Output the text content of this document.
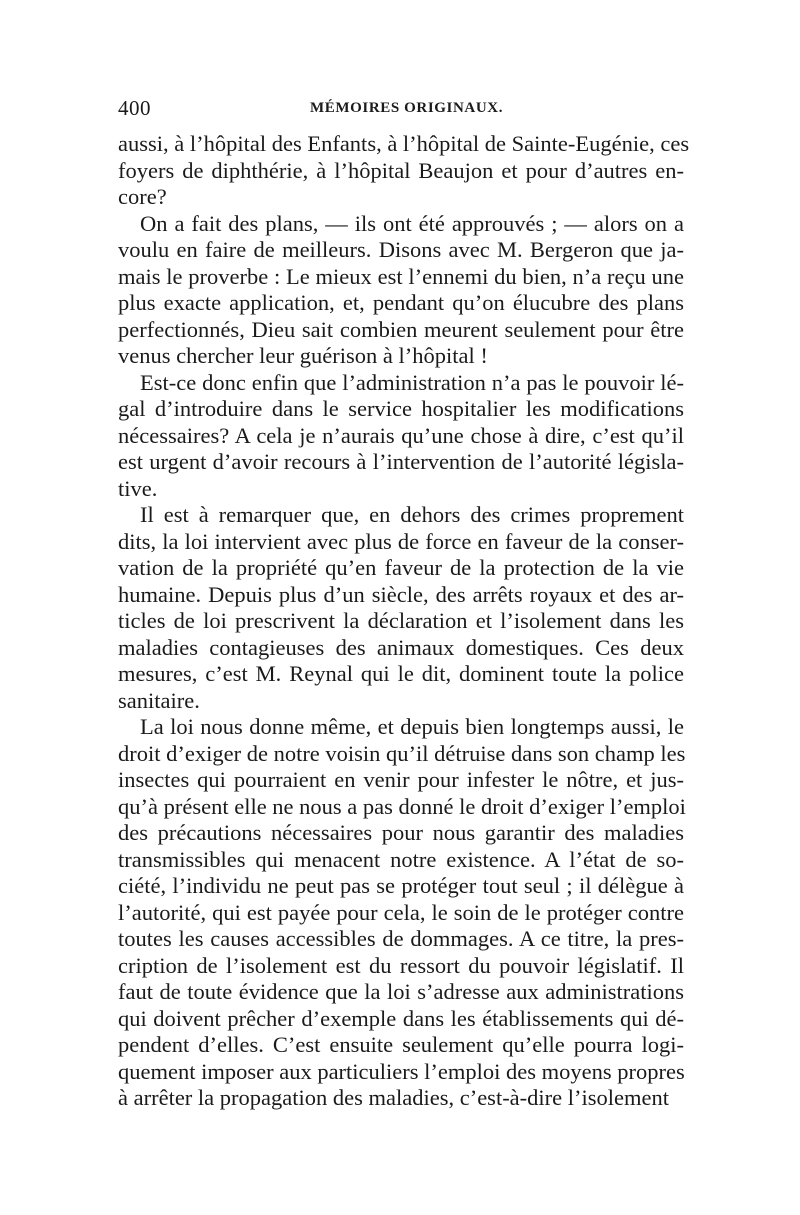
400	MÉMOIRES ORIGINAUX.
aussi, à l’hôpital des Enfants, à l’hôpital de Sainte-Eugénie, ces
foyers de diphthérie, à l’hôpital Beaujon et pour d’autres en-
core?
On a fait des plans, — ils ont été approuvés ; — alors on a
voulu en faire de meilleurs. Disons avec M. Bergeron que ja-
mais le proverbe : Le mieux est l’ennemi du bien, n’a reçu une
plus exacte application, et, pendant qu’on élucubre des plans
perfectionnés, Dieu sait combien meurent seulement pour être
venus chercher leur guérison à l’hôpital !
Est-ce donc enfin que l’administration n’a pas le pouvoir lé-
gal d’introduire dans le service hospitalier les modifications
nécessaires? A cela je n’aurais qu’une chose à dire, c’est qu’il
est urgent d’avoir recours à l’intervention de l’autorité législa-
tive.
Il est à remarquer que, en dehors des crimes proprement
dits, la loi intervient avec plus de force en faveur de la conser-
vation de la propriété qu’en faveur de la protection de la vie
humaine. Depuis plus d’un siècle, des arrêts royaux et des ar-
ticles de loi prescrivent la déclaration et l’isolement dans les
maladies contagieuses des animaux domestiques. Ces deux
mesures, c’est M. Reynal qui le dit, dominent toute la police
sanitaire.
La loi nous donne même, et depuis bien longtemps aussi, le
droit d’exiger de notre voisin qu’il détruise dans son champ les
insectes qui pourraient en venir pour infester le nôtre, et jus-
qu’à présent elle ne nous a pas donné le droit d’exiger l’emploi
des précautions nécessaires pour nous garantir des maladies
transmissibles qui menacent notre existence. A l’état de so-
ciété, l’individu ne peut pas se protéger tout seul ; il délègue à
l’autorité, qui est payée pour cela, le soin de le protéger contre
toutes les causes accessibles de dommages. A ce titre, la pres-
cription de l’isolement est du ressort du pouvoir législatif. Il
faut de toute évidence que la loi s’adresse aux administrations
qui doivent prêcher d’exemple dans les établissements qui dé-
pendent d’elles. C’est ensuite seulement qu’elle pourra logi-
quement imposer aux particuliers l’emploi des moyens propres
à arrêter la propagation des maladies, c’est-à-dire l’isolement
